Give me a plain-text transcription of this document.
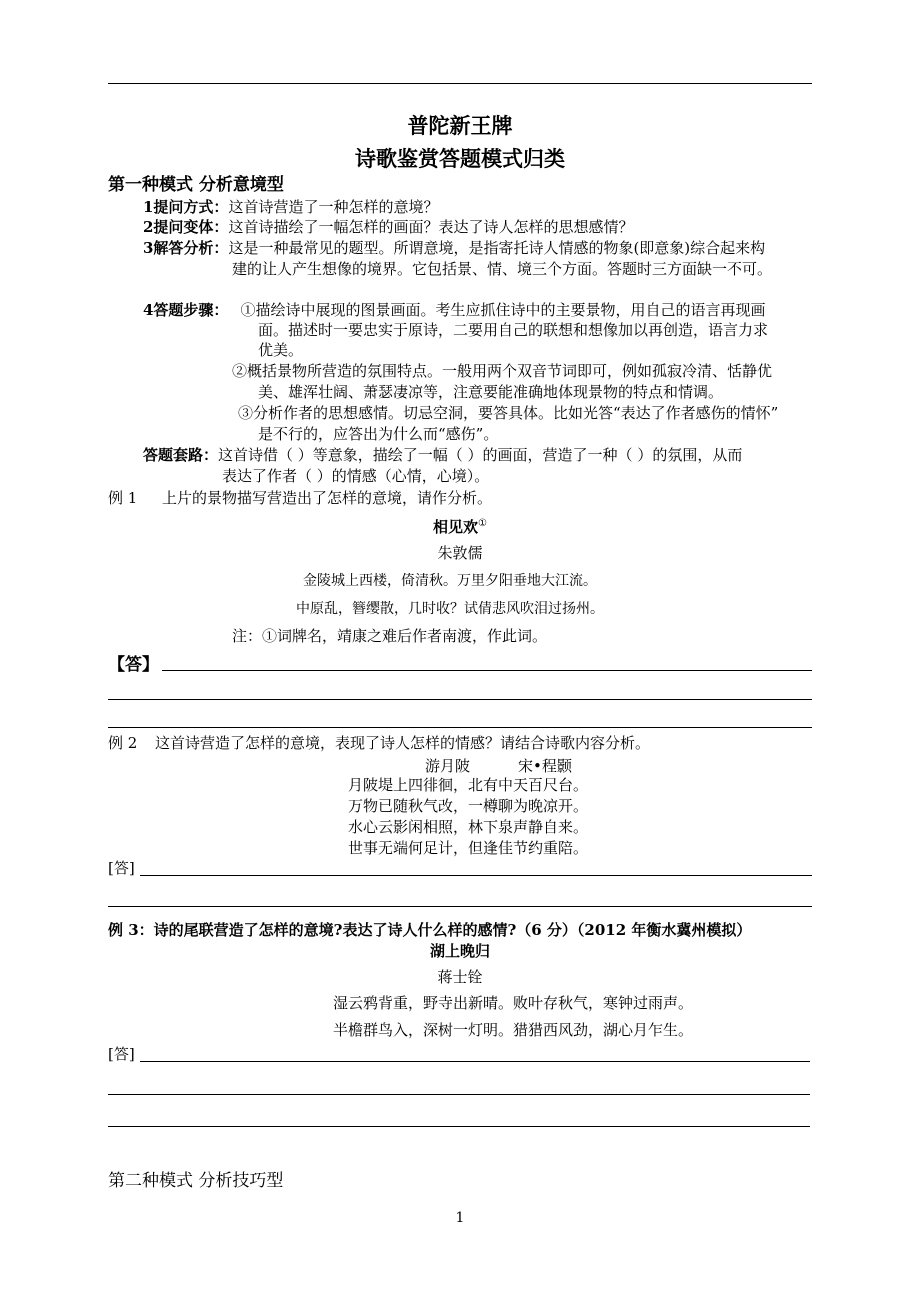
普陀新王牌
诗歌鉴赏答题模式归类
第一种模式 分析意境型
1提问方式：这首诗营造了一种怎样的意境？
2提问变体：这首诗描绘了一幅怎样的画面？表达了诗人怎样的思想感情？
3解答分析：这是一种最常见的题型。所谓意境，是指寄托诗人情感的物象(即意象)综合起来构
建的让人产生想像的境界。它包括景、情、境三个方面。答题时三方面缺一不可。
4答题步骤： ①描绘诗中展现的图景画面。考生应抓住诗中的主要景物，用自己的语言再现画
面。描述时一要忠实于原诗，二要用自己的联想和想像加以再创造，语言力求
优美。
②概括景物所营造的氛围特点。一般用两个双音节词即可，例如孤寂冷清、恬静优
美、雄浑壮阔、萧瑟凄凉等，注意要能准确地体现景物的特点和情调。
③分析作者的思想感情。切忌空洞，要答具体。比如光答“表达了作者感伤的情怀”
是不行的，应答出为什么而“感伤”。
答题套路：这首诗借（ ）等意象，描绘了一幅（ ）的画面，营造了一种（ ）的氛围，从而
表达了作者（ ）的情感（心情，心境）。
例 1 上片的景物描写营造出了怎样的意境，请作分析。
相见欢①
朱敦儒
金陵城上西楼，倚清秋。万里夕阳垂地大江流。
中原乱，簪缨散，几时收？试倩悲风吹泪过扬州。
注：①词牌名，靖康之难后作者南渡，作此词。
【答】
例 2 这首诗营造了怎样的意境，表现了诗人怎样的情感？请结合诗歌内容分析。
游月陂	宋•程颢
月陂堤上四徘徊，北有中天百尺台。
万物已随秋气改，一樽聊为晚凉开。
水心云影闲相照，林下泉声静自来。
世事无端何足计，但逢佳节约重陪。
[答]
例 3：诗的尾联营造了怎样的意境?表达了诗人什么样的感情?（6 分）（2012 年衡水冀州模拟）
湖上晚归
蒋士铨
湿云鸦背重，野寺出新晴。败叶存秋气，寒钟过雨声。
半檐群鸟入，深树一灯明。猎猎西风劲，湖心月乍生。
[答]
第二种模式 分析技巧型
1
